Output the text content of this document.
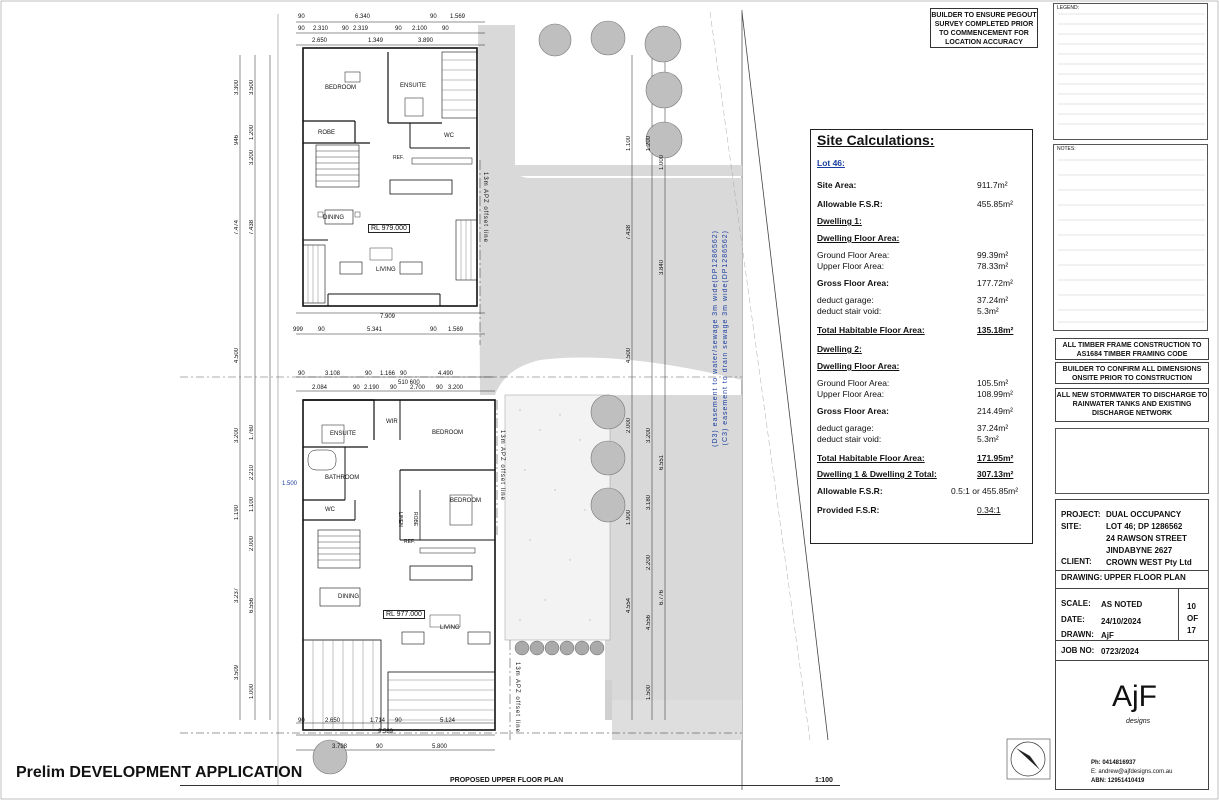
BEDROOM	ENSUITE
ROBE	WC
REF.
DINING
LIVING
RL 979.000
WIR
BEDROOM
ENSUITE
BATHROOM
WC
LINEN ROBE
BEDROOM
REF.
DINING
LIVING
RL 977.000
13m APZ offset line
13m APZ offset line
13m APZ offset line
(C3) easement to drain sewage 3m wide(DP1286562)
(D3) easement to water/sewage 3m wide(DP1286562)
1.500
510 600
90	6.340	90 1.569
90 2.310 90 2.319	90 2.100 90
2.650	1.349	3.890
999 90	5.341	90 1.569
7.909
90	3.108	90 1.166 90	4.490
2.084	90 2.190 90 2.700 90 3.200
90	2.650	1.714 90	5.124
9.589
3.798	90	5.800
3.300 3.500
1.200
946
3.200
7.474 7.438
4.500
1.760
3.200
2.210
1.100
1.190
2.000
3.237
6.556
3.509
1.000
1.100 1.200
1.000
7.438
3.840
4.500
2.000
3.200
6.551
3.180
1.900
2.200
6.776
4.554
4.556
1.500
BUILDER TO ENSURE PEGOUT SURVEY COMPLETED PRIOR TO COMMENCEMENT FOR LOCATION ACCURACY
LEGEND:
NOTES:
Site Calculations:
Lot 46:
Site Area:	911.7m²
Allowable F.S.R:	455.85m²
Dwelling 1:
Dwelling Floor Area:
Ground Floor Area:	99.39m²
Upper Floor Area:	78.33m²
Gross Floor Area:	177.72m²
deduct garage:	37.24m²
deduct stair void:	5.3m²
Total Habitable Floor Area:	135.18m²
Dwelling 2:
Dwelling Floor Area:
Ground Floor Area:	105.5m²
Upper Floor Area:	108.99m²
Gross Floor Area:	214.49m²
deduct garage:	37.24m²
deduct stair void:	5.3m²
Total Habitable Floor Area:	171.95m²
Dwelling 1 & Dwelling 2 Total:	307.13m²
Allowable F.S.R:	0.5:1 or 455.85m²
Provided F.S.R:	0.34:1
ALL TIMBER FRAME CONSTRUCTION TO AS1684 TIMBER FRAMING CODE
BUILDER TO CONFIRM ALL DIMENSIONS ONSITE PRIOR TO CONSTRUCTION
ALL NEW STORMWATER TO DISCHARGE TO RAINWATER TANKS AND EXISTING DISCHARGE NETWORK
PROJECT: DUAL OCCUPANCY
SITE:	LOT 46; DP 1286562
24 RAWSON STREET
JINDABYNE 2627
CLIENT: CROWN WEST Pty Ltd
DRAWING: UPPER FLOOR PLAN
SCALE: AS NOTED
DATE: 24/10/2024
DRAWN: AjF
10
OF
17
JOB NO: 0723/2024
AjF
designs
Ph: 0414816937
E: andrew@ajfdesigns.com.au
ABN: 12951410419
Prelim DEVELOPMENT APPLICATION	PROPOSED UPPER FLOOR PLAN	1:100
